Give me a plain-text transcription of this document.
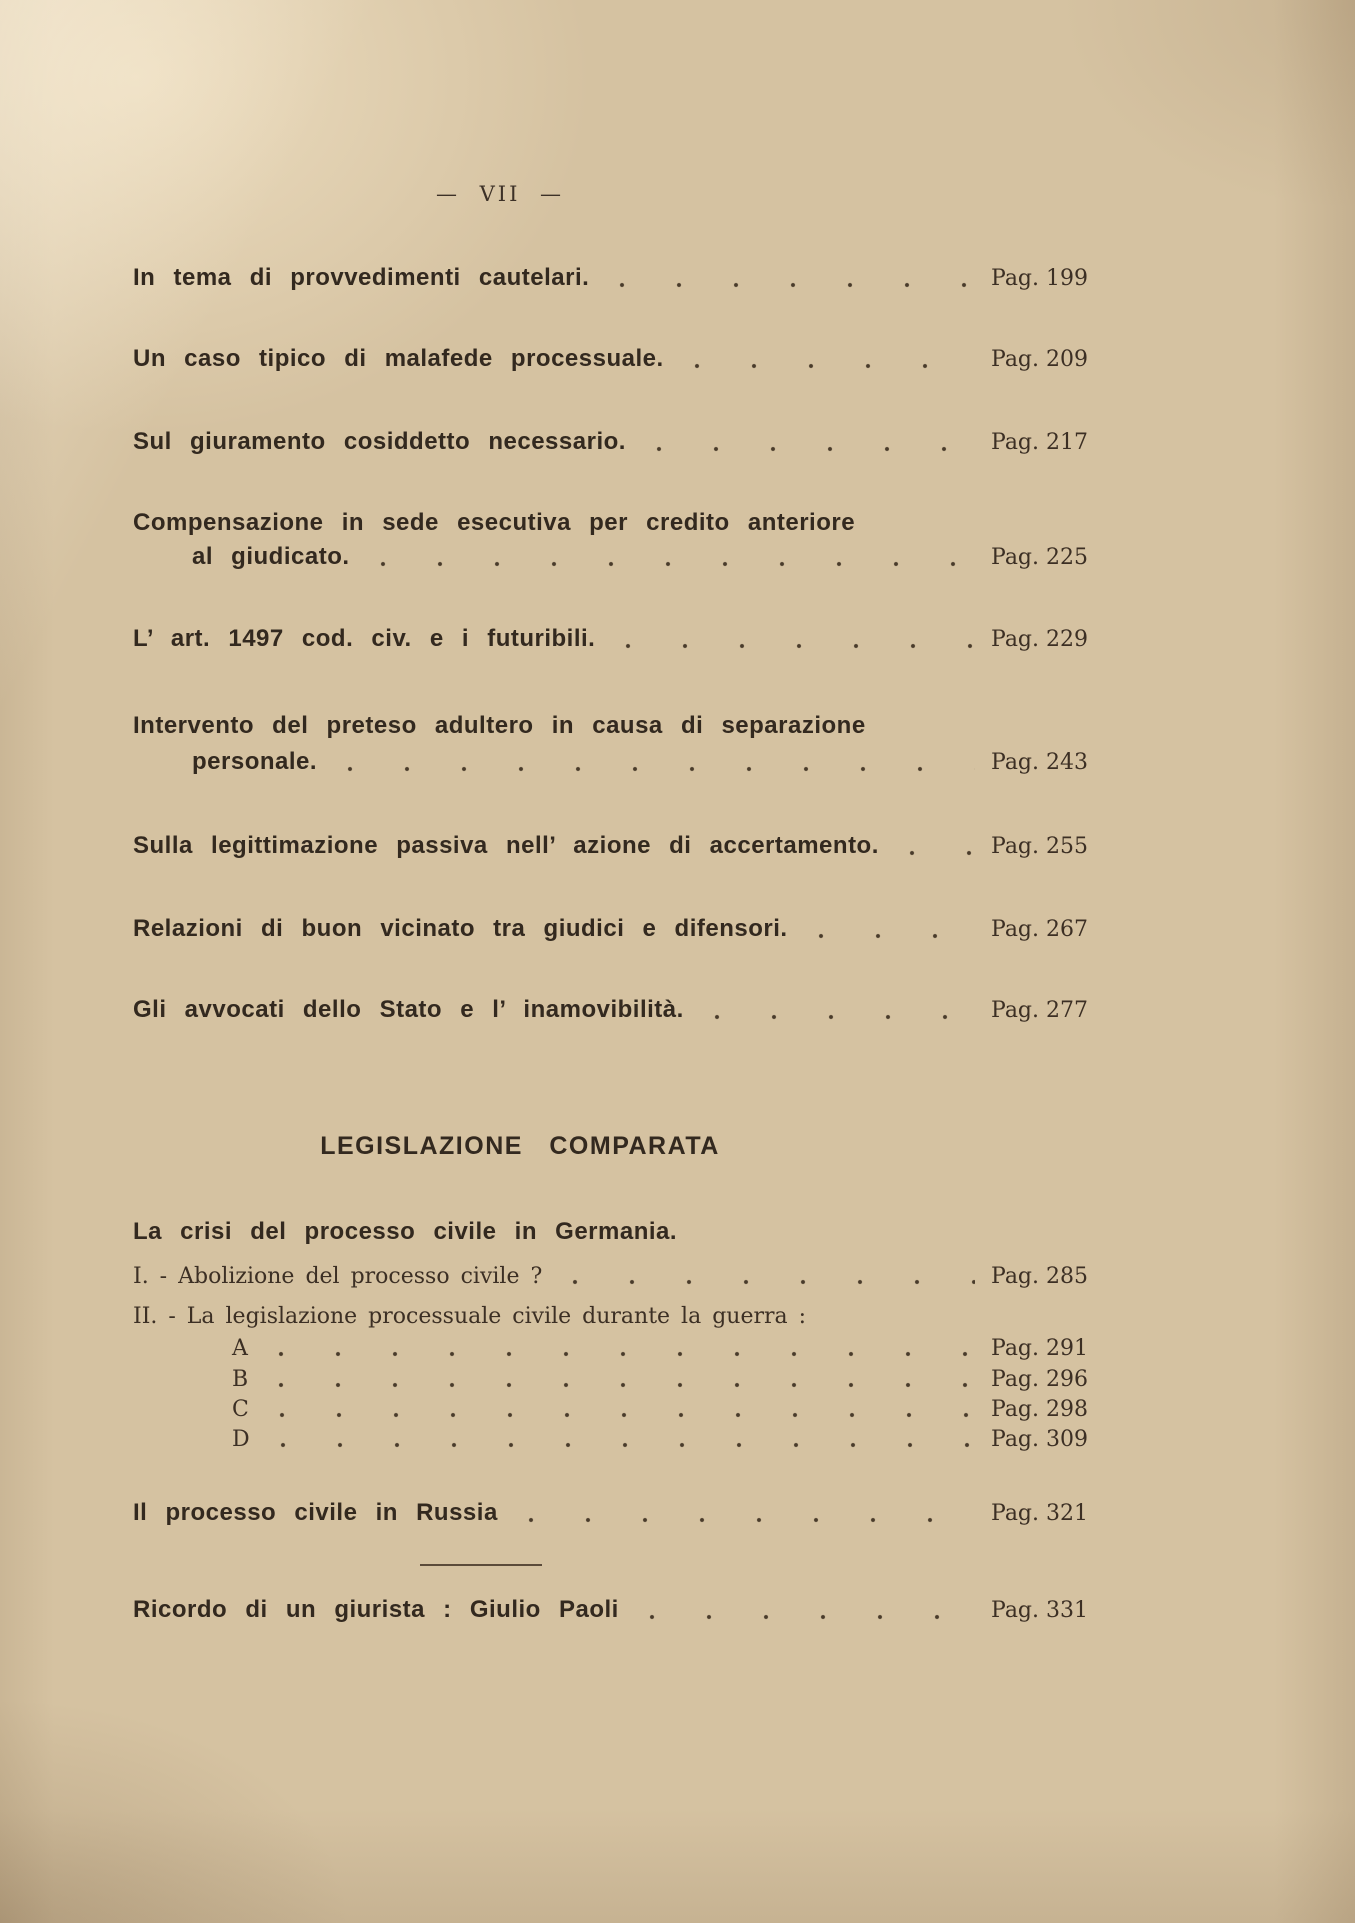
— VII —
In tema di provvedimenti cautelari.	Pag. 199
Un caso tipico di malafede processuale.	Pag. 209
Sul giuramento cosiddetto necessario.	Pag. 217
Compensazione in sede esecutiva per credito anteriore
al giudicato.	Pag. 225
L’ art. 1497 cod. civ. e i futuribili.	Pag. 229
Intervento del preteso adultero in causa di separazione
personale.	Pag. 243
Sulla legittimazione passiva nell’ azione di accertamento.	Pag. 255
Relazioni di buon vicinato tra giudici e difensori.	Pag. 267
Gli avvocati dello Stato e l’ inamovibilità.	Pag. 277
LEGISLAZIONE COMPARATA
La crisi del processo civile in Germania.
I. - Abolizione del processo civile ?	Pag. 285
II. - La legislazione processuale civile durante la guerra :
A	Pag. 291
B	Pag. 296
C	Pag. 298
D	Pag. 309
Il processo civile in Russia	Pag. 321
Ricordo di un giurista : Giulio Paoli	Pag. 331
